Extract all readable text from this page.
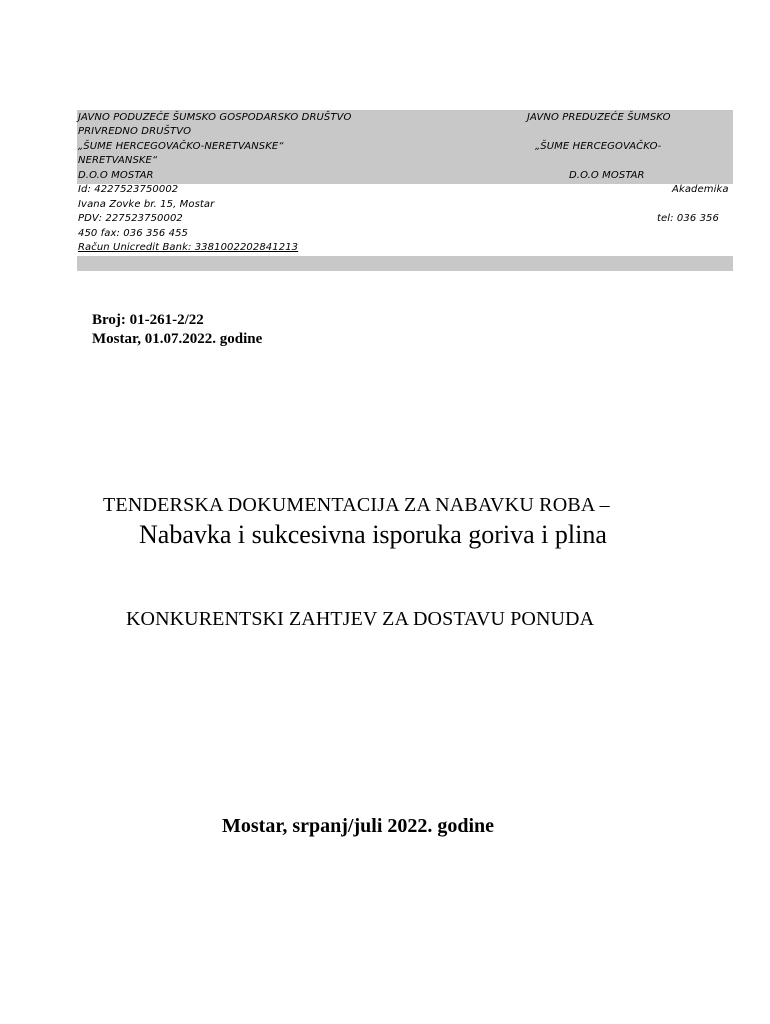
JAVNO PODUZEĆE ŠUMSKO GOSPODARSKO DRUŠTVO
PRIVREDNO DRUŠTVO
„ŠUME HERCEGOVAČKO-NERETVANSKE“
NERETVANSKE“
D.O.O MOSTAR
Id: 4227523750002
Ivana Zovke br. 15, Mostar
PDV: 227523750002
450 fax: 036 356 455
Račun Unicredit Bank: 3381002202841213
JAVNO PREDUZEĆE ŠUMSKO
„ŠUME HERCEGOVAČKO-
D.O.O MOSTAR
Akademika
tel: 036 356
Broj: 01-261-2/22
Mostar, 01.07.2022. godine
TENDERSKA DOKUMENTACIJA ZA NABAVKU ROBA –
Nabavka i sukcesivna isporuka goriva i plina
KONKURENTSKI ZAHTJEV ZA DOSTAVU PONUDA
Mostar, srpanj/juli 2022. godine
